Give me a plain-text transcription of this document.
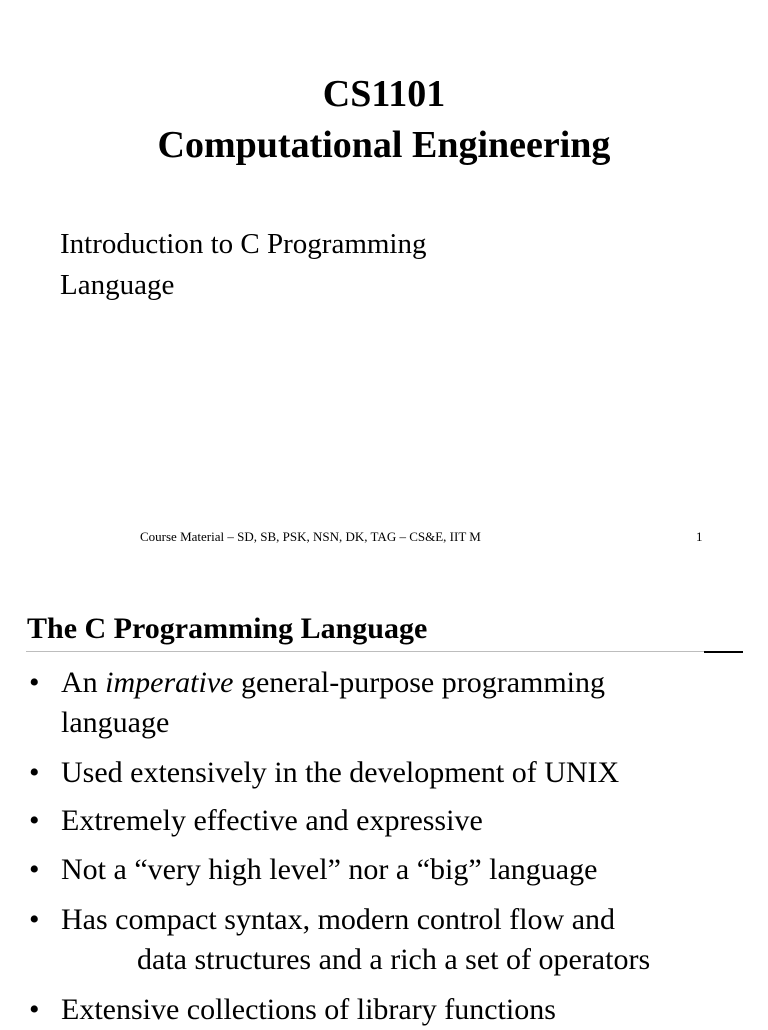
CS1101
Computational Engineering
Introduction to C Programming
Language
Course Material – SD, SB, PSK, NSN, DK, TAG – CS&E, IIT M	1
The C Programming Language
• An imperative general-purpose programming
language
• Used extensively in the development of UNIX
• Extremely effective and expressive
• Not a “very high level” nor a “big” language
• Has compact syntax, modern control flow and
data structures and a rich a set of operators
• Extensive collections of library functions
